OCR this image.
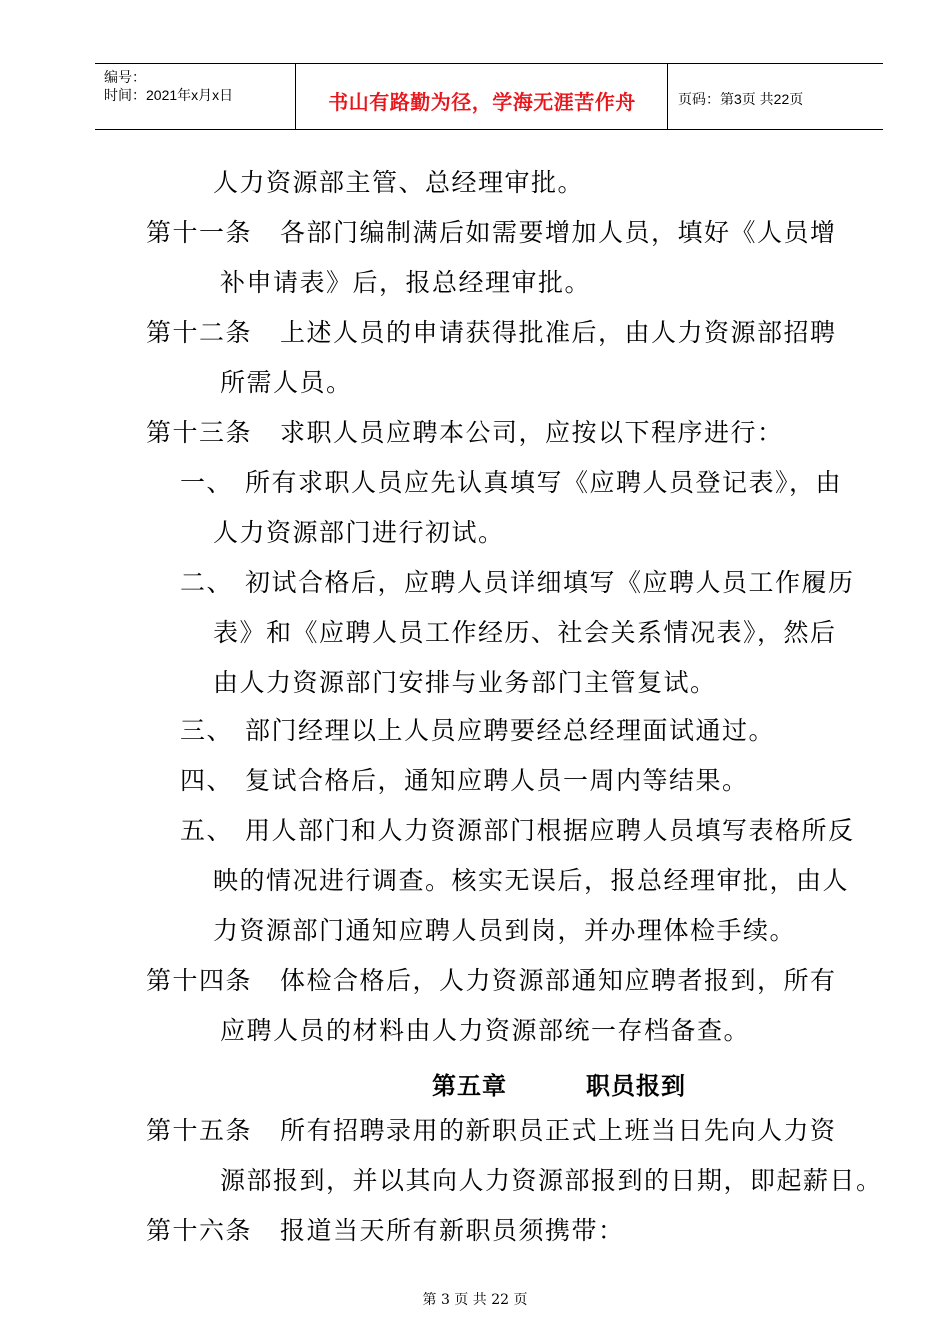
编号：
时间：2021年x月x日	书山有路勤为径，学海无涯苦作舟	页码：第3页 共22页
人力资源部主管、总经理审批。
第十一条 各部门编制满后如需要增加人员，填好《人员增
补申请表》后，报总经理审批。
第十二条 上述人员的申请获得批准后，由人力资源部招聘
所需人员。
第十三条 求职人员应聘本公司，应按以下程序进行：
一、 所有求职人员应先认真填写《应聘人员登记表》，由
人力资源部门进行初试。
二、 初试合格后，应聘人员详细填写《应聘人员工作履历
表》和《应聘人员工作经历、社会关系情况表》，然后
由人力资源部门安排与业务部门主管复试。
三、 部门经理以上人员应聘要经总经理面试通过。
四、 复试合格后，通知应聘人员一周内等结果。
五、 用人部门和人力资源部门根据应聘人员填写表格所反
映的情况进行调查。核实无误后，报总经理审批，由人
力资源部门通知应聘人员到岗，并办理体检手续。
第十四条 体检合格后，人力资源部通知应聘者报到，所有
应聘人员的材料由人力资源部统一存档备查。
第五章	职员报到
第十五条 所有招聘录用的新职员正式上班当日先向人力资
源部报到，并以其向人力资源部报到的日期，即起薪日。
第十六条 报道当天所有新职员须携带：
第 3 页 共 22 页
